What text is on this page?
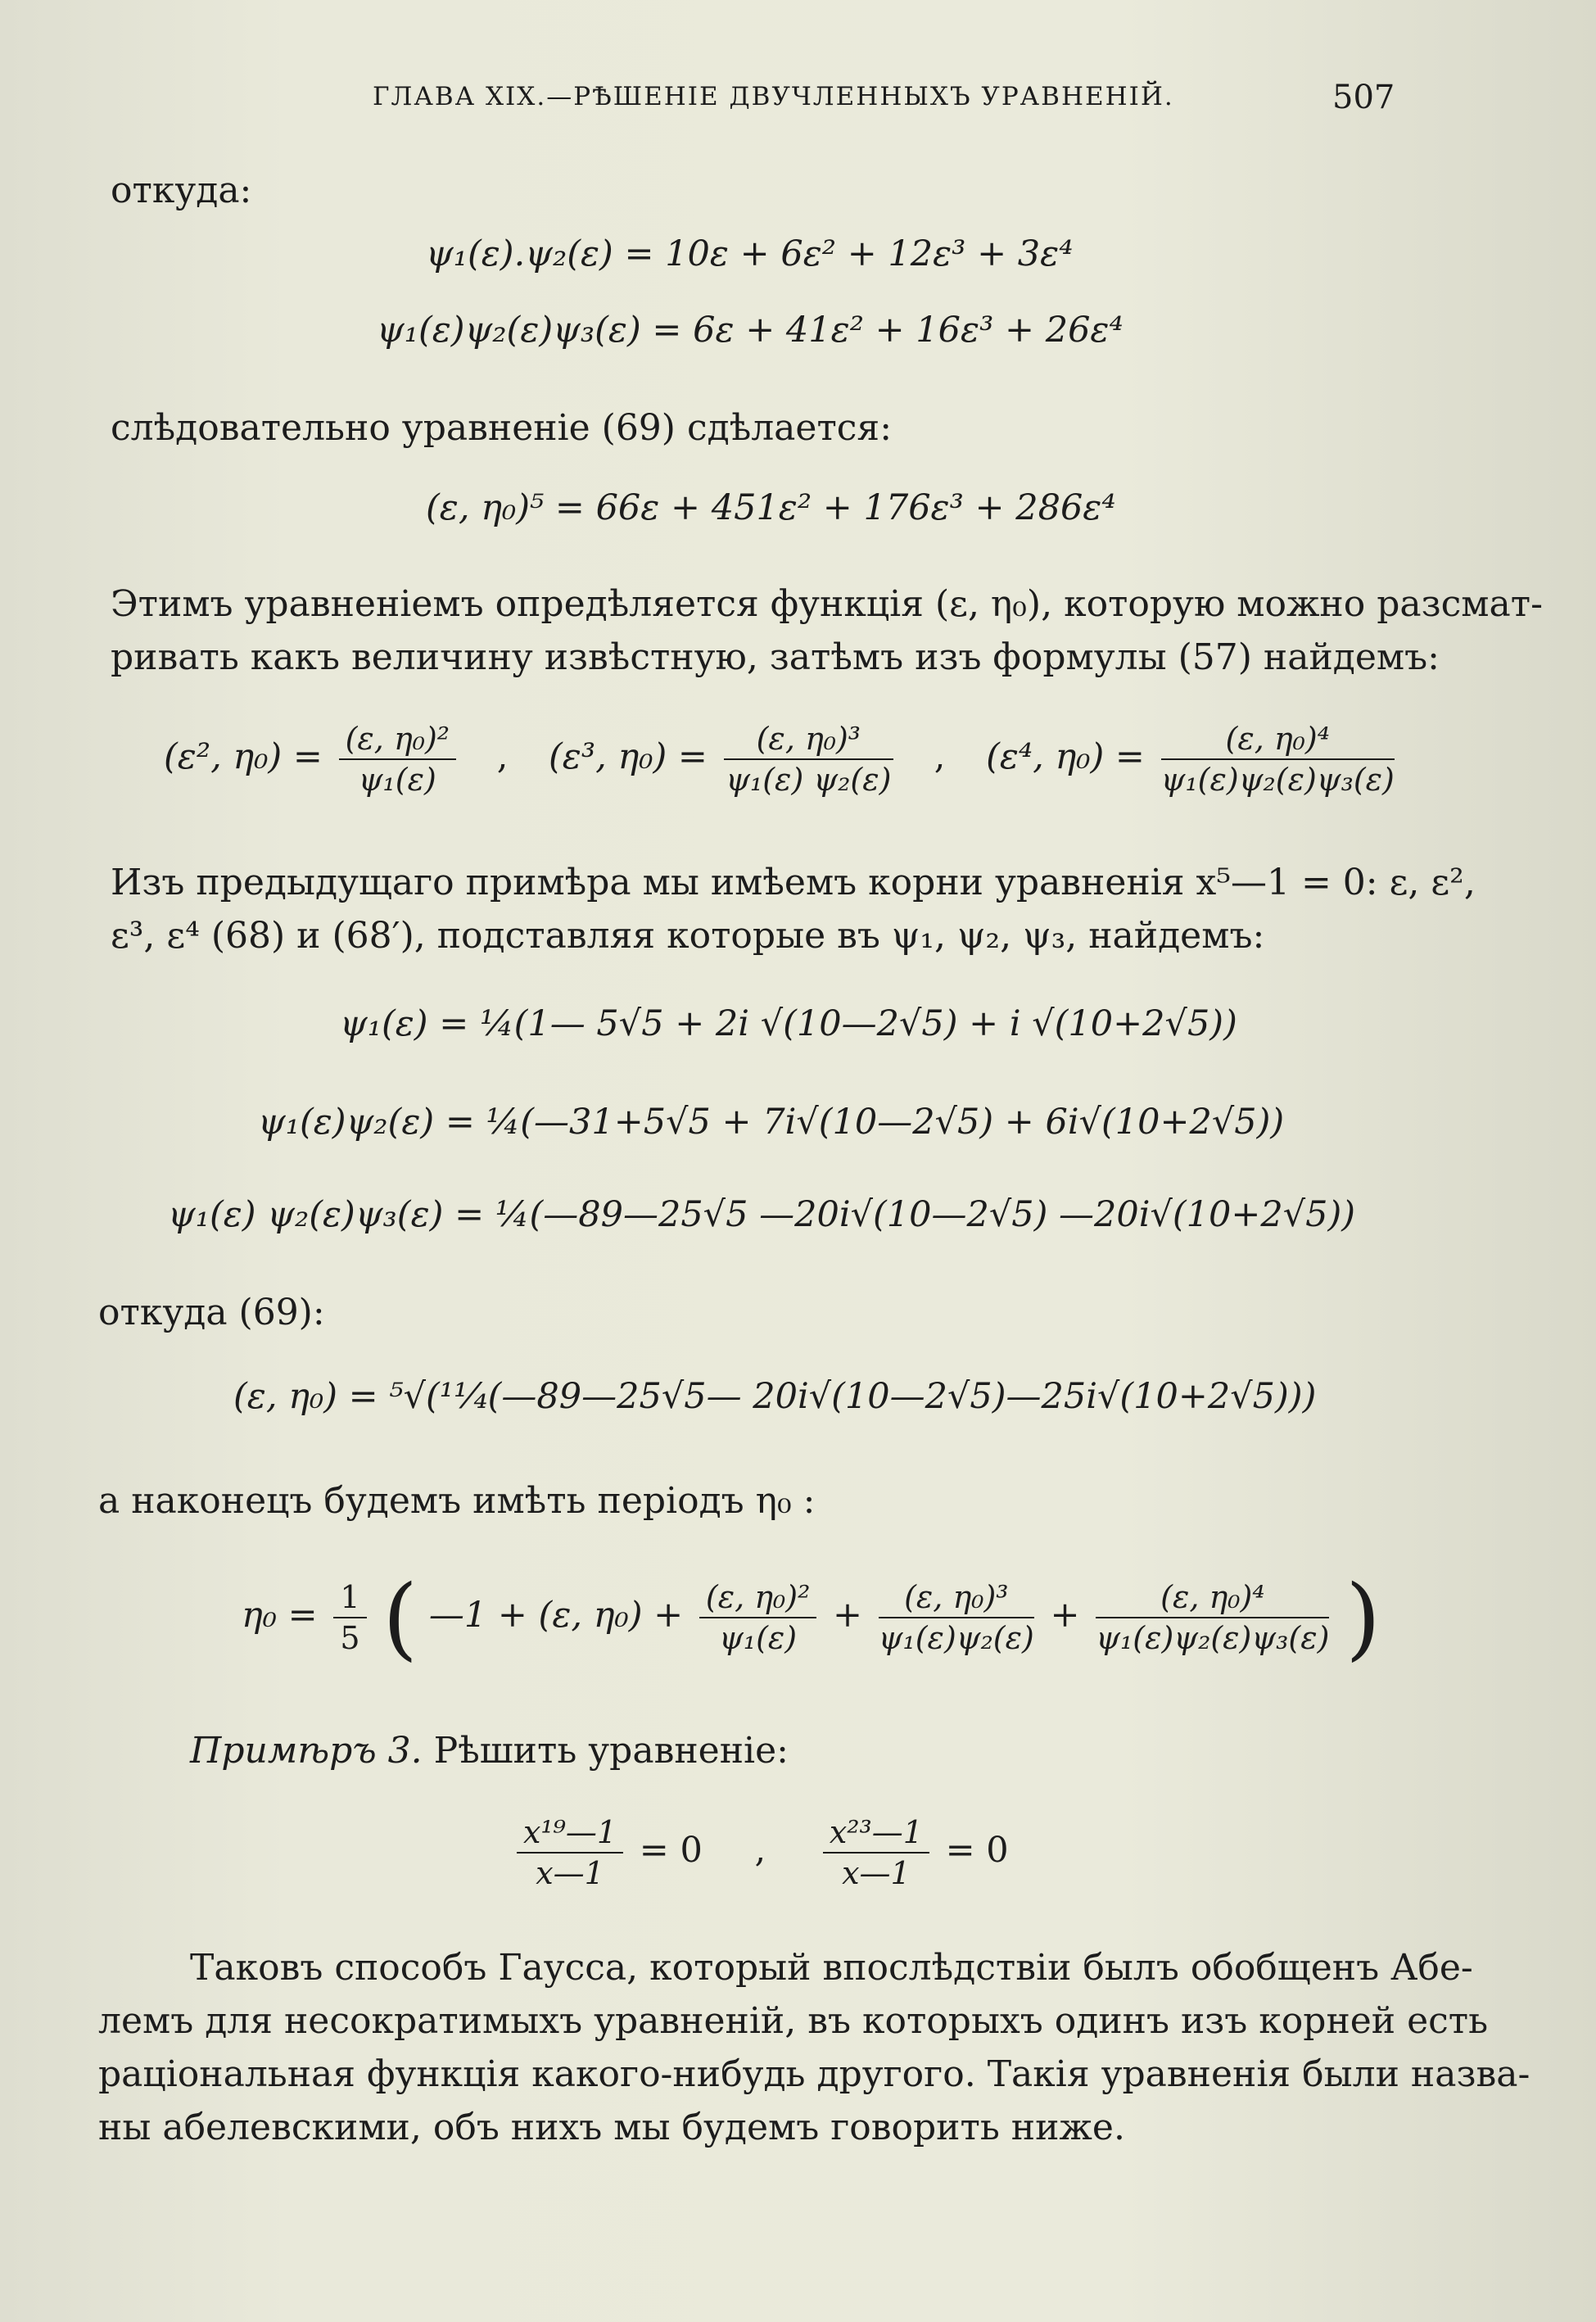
ГЛАВА XIX.—РѢШЕНІЕ ДВУЧЛЕННЫХЪ УРАВНЕНІЙ.	507
откуда:
ψ₁(ε).ψ₂(ε) = 10ε + 6ε² + 12ε³ + 3ε⁴
ψ₁(ε)ψ₂(ε)ψ₃(ε) = 6ε + 41ε² + 16ε³ + 26ε⁴
слѣдовательно уравненіе (69) сдѣлается:
(ε, η₀)⁵ = 66ε + 451ε² + 176ε³ + 286ε⁴
Этимъ уравненіемъ опредѣляется функція (ε, η₀), которую можно разсмат-
ривать какъ величину извѣстную, затѣмъ изъ формулы (57) найдемъ:
(ε², $\eta_0) = \frac{\text{(ε, η₀)²}}{\text{ψ₁(ε)}}$ , (ε³, $\eta_0) = \frac{\text{(ε, η₀)³}}{\text{ψ₁(ε) ψ₂(ε)}}$ , (ε⁴, $\eta_0) = \frac{\text{(ε, η₀)⁴}}{\text{ψ₁(ε)ψ₂(ε)ψ₃(ε)}}$
Изъ предыдущаго примѣра мы имѣемъ корни уравненія x⁵—1 = 0: ε, ε²,
ε³, ε⁴ (68) и (68′), подставляя которые въ ψ₁, ψ₂, ψ₃, найдемъ:
ψ₁(ε) = ¼(1— 5√5 + 2i √(10—2√5) + i √(10+2√5))
ψ₁(ε)ψ₂(ε) = ¼(—31+5√5 + 7i√(10—2√5) + 6i√(10+2√5))
ψ₁(ε) ψ₂(ε)ψ₃(ε) = ¼(—89—25√5 —20i√(10—2√5) —20i√(10+2√5))
откуда (69):
(ε, η₀) = ⁵√(¹¹⁄₄(—89—25√5— 20i√(10—2√5)—25i√(10+2√5)))
а наконецъ будемъ имѣть періодъ η₀ :
$\eta_0 = \frac{1}{5}$ ( —1 + (ε, $\eta_0) + \frac{\text{(ε, η₀)²}}{\text{ψ₁(ε)}} + \frac{\text{(ε, η₀)³}}{\text{ψ₁(ε)ψ₂(ε)}} + \frac{\text{(ε, η₀)⁴}}{\text{ψ₁(ε)ψ₂(ε)ψ₃(ε)}}$ )
Примѣръ 3. Рѣшить уравненіе:
$\frac{\text{x¹⁹—1}}{x—1} = 0$ , $\frac{\text{x²³—1}}{x—1} = 0$
Таковъ способъ Гаусса, который впослѣдствіи былъ обобщенъ Абе-
лемъ для несократимыхъ уравненій, въ которыхъ одинъ изъ корней есть
раціональная функція какого-нибудь другого. Такія уравненія были назва-
ны абелевскими, объ нихъ мы будемъ говорить ниже.
